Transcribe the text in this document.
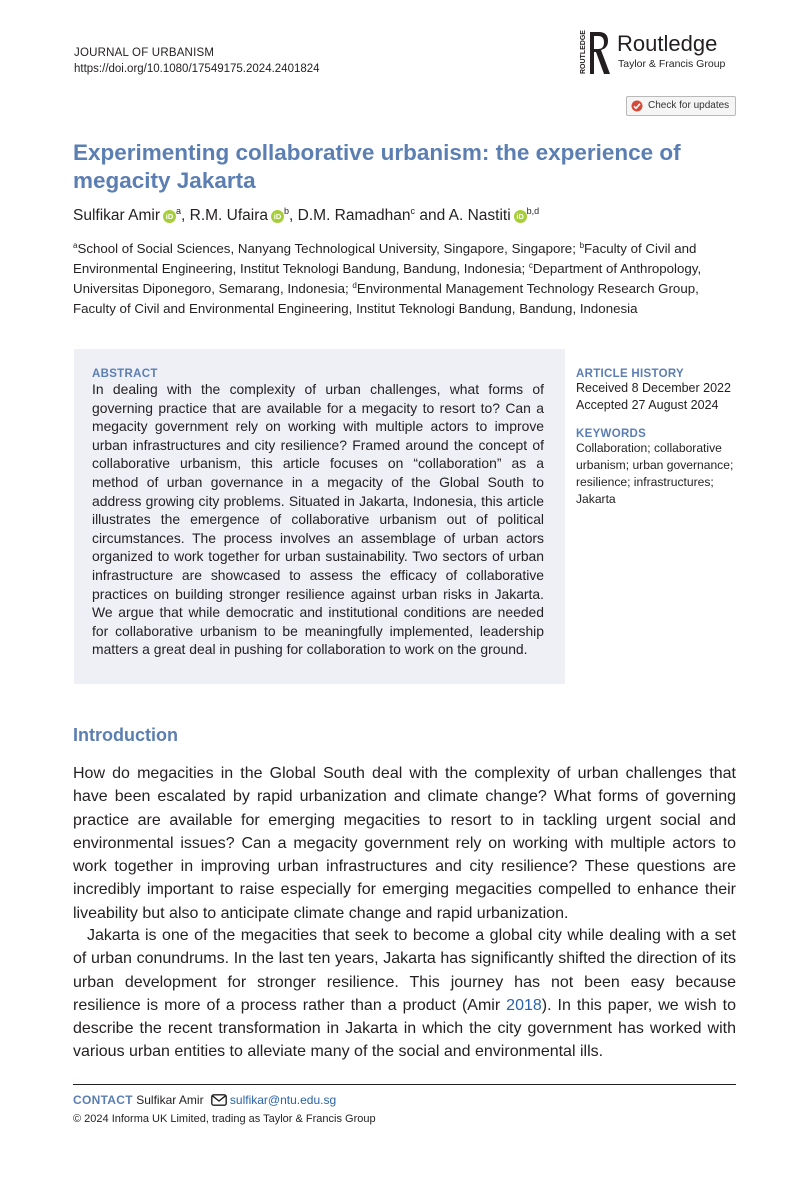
JOURNAL OF URBANISM
https://doi.org/10.1080/17549175.2024.2401824	ROUTLEDGE Routledge
Taylor & Francis Group
Check for updates
Experimenting collaborative urbanism: the experience of megacity Jakarta
Sulfikar Amir $iD^a$, R.M. Ufaira $iD^b$, D.M. Ramadhan$^c$ and A. Nastiti iD$^{b,d}$

$^a$School of Social Sciences, Nanyang Technological University, Singapore, Singapore; $^b$Faculty of Civil and Environmental Engineering, Institut Teknologi Bandung, Bandung, Indonesia; $^c$Department of Anthropology, Universitas Diponegoro, Semarang, Indonesia; $^d$Environmental Management Technology Research Group, Faculty of Civil and Environmental Engineering, Institut Teknologi Bandung, Bandung, Indonesia

ABSTRACT

In dealing with the complexity of urban challenges, what forms of governing practice that are available for a megacity to resort to? Can a megacity government rely on working with multiple actors to improve urban infrastructures and city resilience? Framed around the concept of collaborative urbanism, this article focuses on “collaboration” as a method of urban governance in a megacity of the Global South to address growing city problems. Situated in Jakarta, Indonesia, this article illustrates the emergence of collaborative urbanism out of political circumstances. The process involves an assemblage of urban actors organized to work together for urban sustainability. Two sectors of urban infrastructure are showcased to assess the efficacy of collaborative practices on building stronger resilience against urban risks in Jakarta. We argue that while democratic and institutional conditions are needed for collaborative urbanism to be meaningfully implemented, leadership matters a great deal in pushing for collaboration to work on the ground.

ARTICLE HISTORY
Received 8 December 2022
Accepted 27 August 2024
KEYWORDS
Collaboration; collaborative urbanism; urban governance; resilience; infrastructures; Jakarta
Introduction

How do megacities in the Global South deal with the complexity of urban challenges that have been escalated by rapid urbanization and climate change? What forms of governing practice are available for emerging megacities to resort to in tackling urgent social and environmental issues? Can a megacity government rely on working with multiple actors to work together in improving urban infrastructures and city resilience? These questions are incredibly important to raise especially for emerging megacities compelled to enhance their liveability but also to anticipate climate change and rapid urbanization.

Jakarta is one of the megacities that seek to become a global city while dealing with a set of urban conundrums. In the last ten years, Jakarta has significantly shifted the direction of its urban development for stronger resilience. This journey has not been easy because resilience is more of a process rather than a product (Amir 2018). In this paper, we wish to describe the recent transformation in Jakarta in which the city government has worked with various urban entities to alleviate many of the social and environmental ills.

CONTACT Sulfikar Amir sulfikar@ntu.edu.sg
© 2024 Informa UK Limited, trading as Taylor & Francis Group
